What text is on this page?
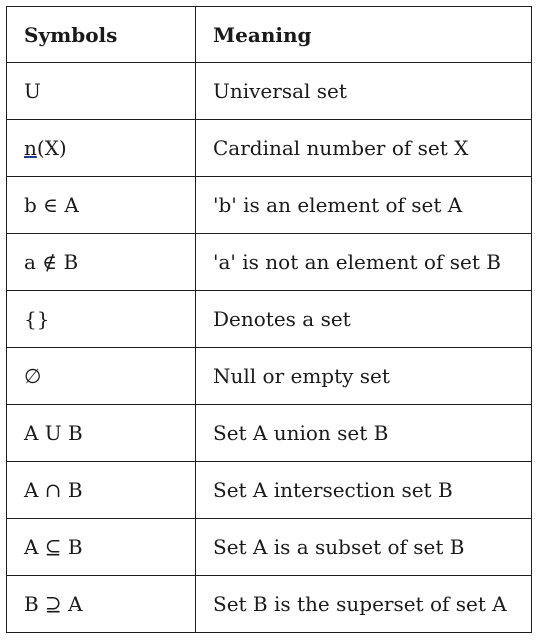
Symbols	Meaning
U	Universal set
n(X)	Cardinal number of set X
b ∈ A	'b' is an element of set A
a ∉ B	'a' is not an element of set B
{}	Denotes a set
∅	Null or empty set
A U B	Set A union set B
A ∩ B	Set A intersection set B
A ⊆ B	Set A is a subset of set B
B ⊇ A	Set B is the superset of set A
